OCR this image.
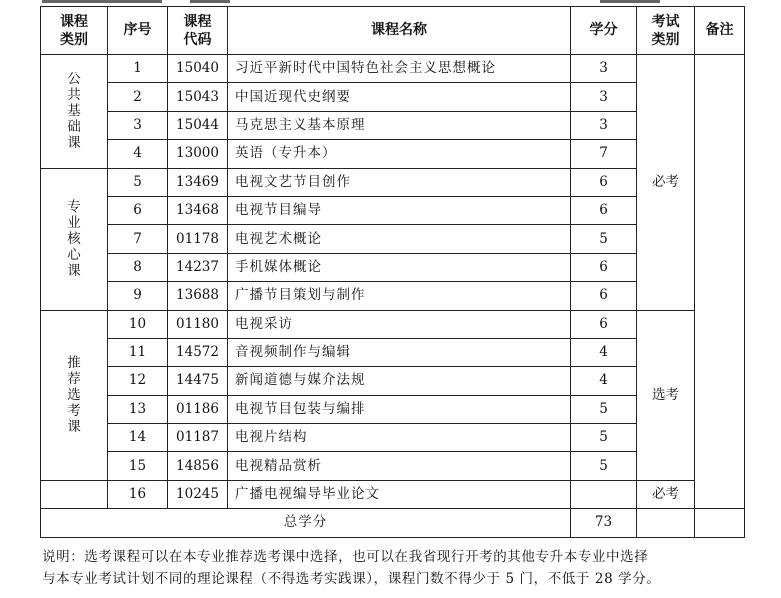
课程类别	序号	课程代码	课程名称	学分	考试类别	备注
公共基础课	1	15040	习近平新时代中国特色社会主义思想概论	3	必考	
	2	15043	中国近现代史纲要	3		
	3	15044	马克思主义基本原理	3		
	4	13000	英语（专升本）	7		
专业核心课	5	13469	电视文艺节目创作	6		
	6	13468	电视节目编导	6		
	7	01178	电视艺术概论	5		
	8	14237	手机媒体概论	6		
	9	13688	广播节目策划与制作	6		
推荐选考课	10	01180	电视采访	6	选考	
	11	14572	音视频制作与编辑	4		
	12	14475	新闻道德与媒介法规	4		
	13	01186	电视节目包装与编排	5		
	14	01187	电视片结构	5		
	15	14856	电视精品赏析	5		
	16	10245	广播电视编导毕业论文		必考	
总学分				73		

说明：选考课程可以在本专业推荐选考课中选择，也可以在我省现行开考的其他专升本专业中选择

与本专业考试计划不同的理论课程（不得选考实践课），课程门数不得少于 5 门，不低于 28 学分。
